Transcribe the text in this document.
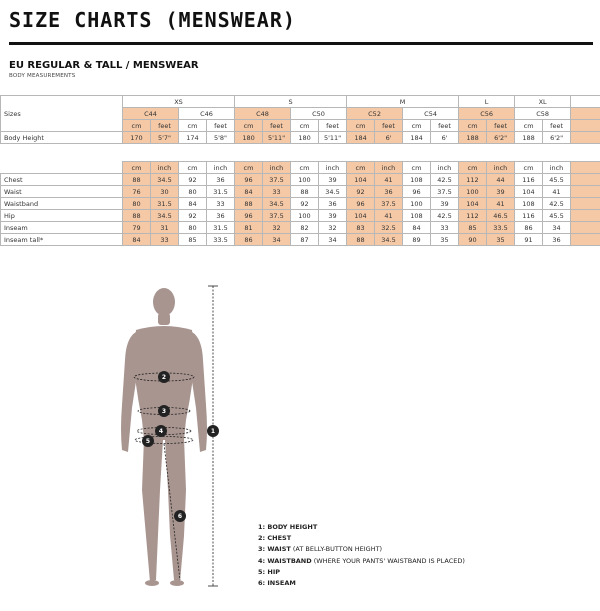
SIZE CHARTS (MENSWEAR)
EU REGULAR & TALL / MENSWEAR
BODY MEASUREMENTS
Sizes	XS				S				M				L		XL		
	C44		C46		C48		C50		C52		C54		C56		C58		
	cm	feet	cm	feet	cm	feet	cm	feet	cm	feet	cm	feet	cm	feet	cm	feet	
Body Height	170	5'7"	174	5'8"	180	5'11"	180	5'11"	184	6'	184	6'	188	6'2"	188	6'2"	
	cm	inch	cm	inch	cm	inch	cm	inch	cm	inch	cm	inch	cm	inch	cm	inch	
Chest	88	34.5	92	36	96	37.5	100	39	104	41	108	42.5	112	44	116	45.5	
Waist	76	30	80	31.5	84	33	88	34.5	92	36	96	37.5	100	39	104	41	
Waistband	80	31.5	84	33	88	34.5	92	36	96	37.5	100	39	104	41	108	42.5	
Hip	88	34.5	92	36	96	37.5	100	39	104	41	108	42.5	112	46.5	116	45.5	
Inseam	79	31	80	31.5	81	32	82	32	83	32.5	84	33	85	33.5	86	34	
Inseam tall*	84	33	85	33.5	86	34	87	34	88	34.5	89	35	90	35	91	36	
1
2
3
4
5
6
1: BODY HEIGHT
2: CHEST
3: WAIST (AT BELLY-BUTTON HEIGHT)
4: WAISTBAND (WHERE YOUR PANTS' WAISTBAND IS PLACED)
5: HIP
6: INSEAM
